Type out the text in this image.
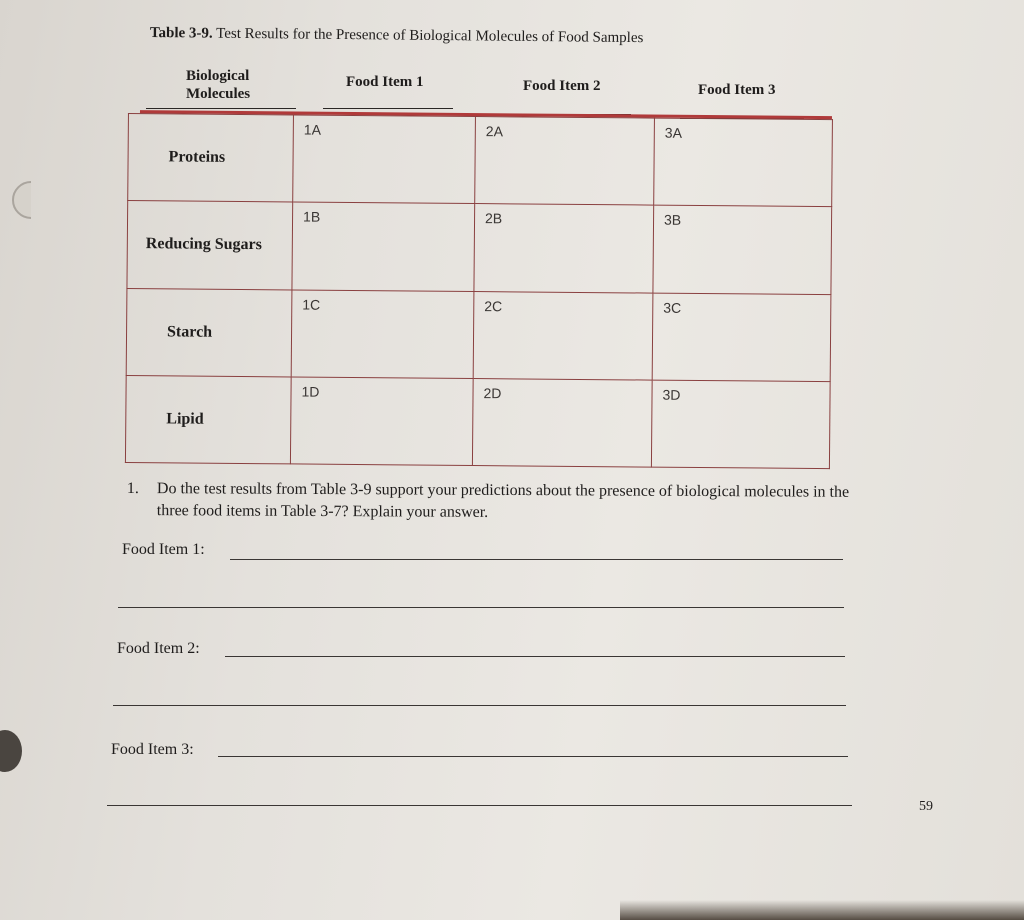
Table 3-9. Test Results for the Presence of Biological Molecules of Food Samples
Biological
Molecules
Food Item 1	Food Item 2	Food Item 3
Proteins	1A	2A	3A

Reducing Sugars	1B	2B	3B

Starch	1C	2C	3C

Lipid	1D	2D	3D
1. Do the test results from Table 3-9 support your predictions about the presence of biological molecules in the three food items in Table 3-7? Explain your answer.
Food Item 1:
Food Item 2:
Food Item 3:
59
